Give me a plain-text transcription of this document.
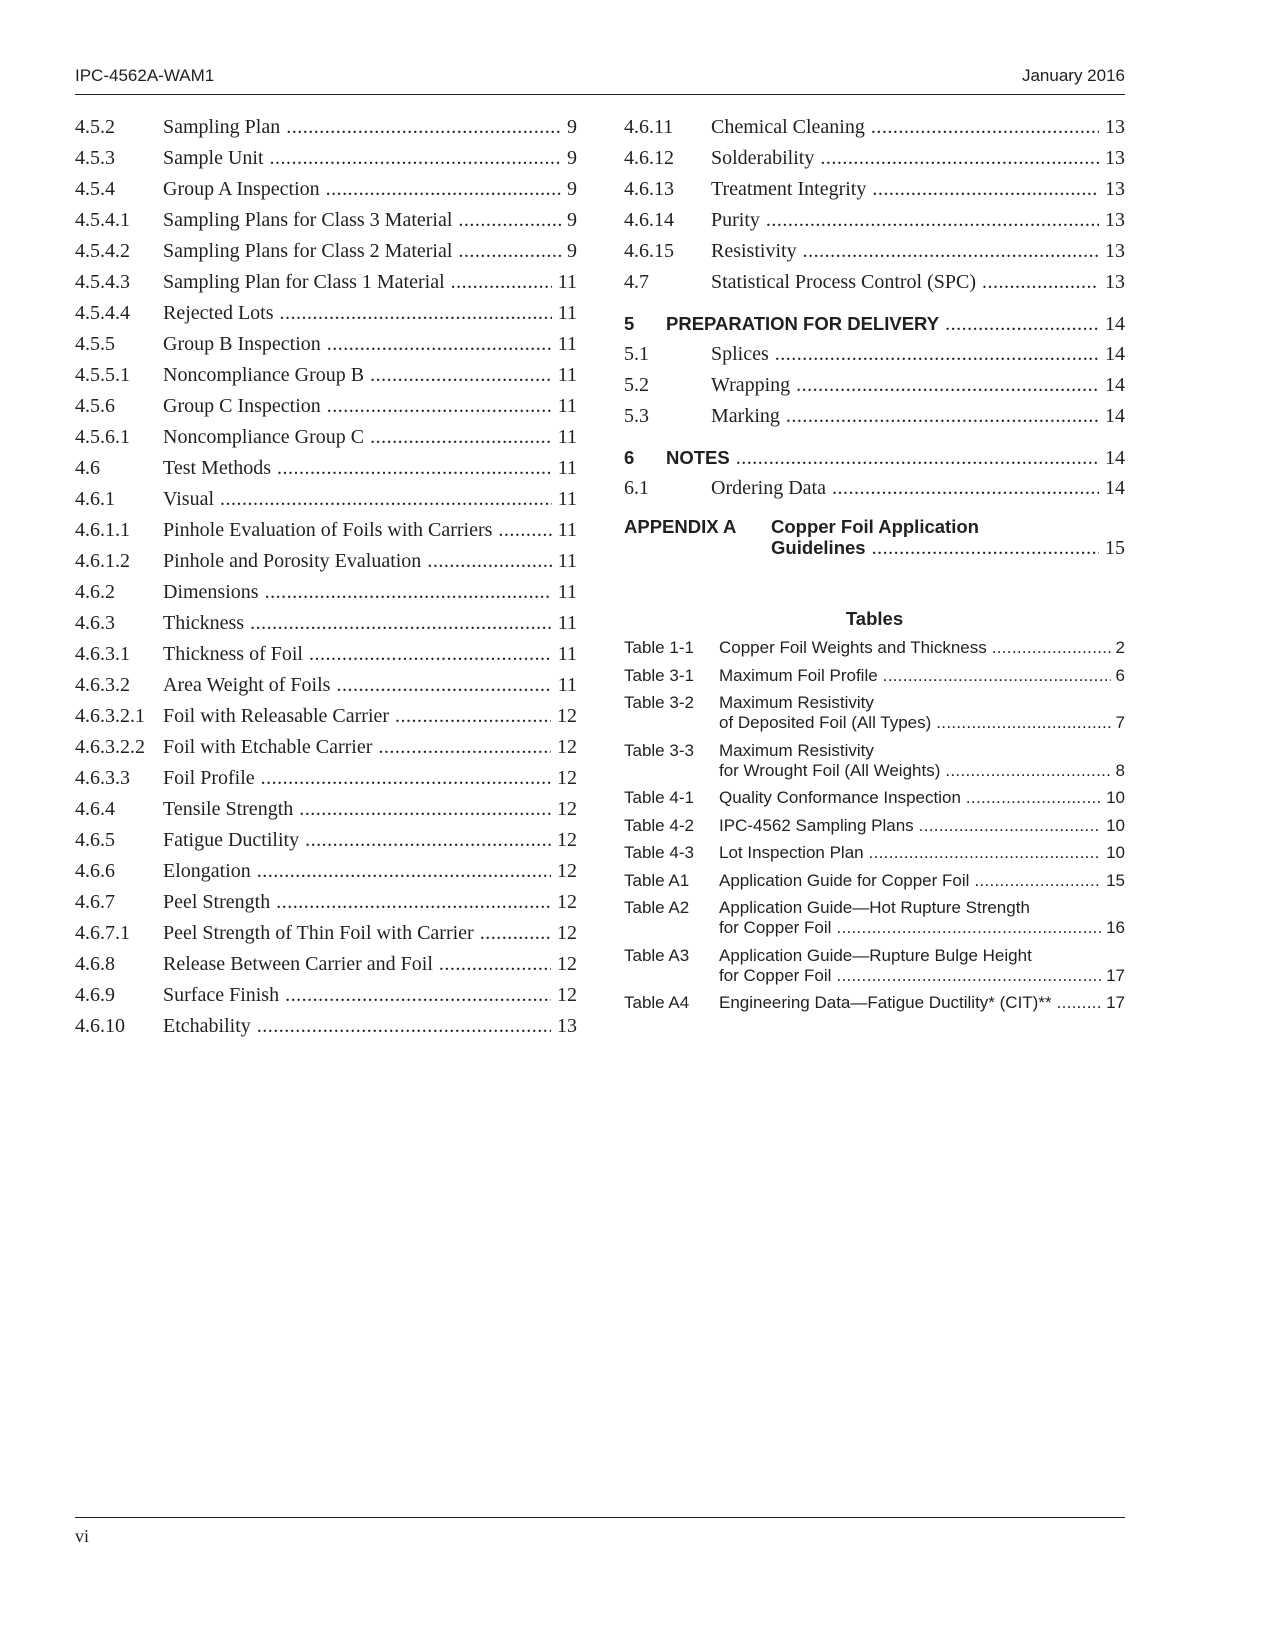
IPC-4562A-WAM1	January 2016
4.5.2	Sampling Plan .....	9
4.5.3	Sample Unit .....	9
4.5.4	Group A Inspection .....	9
4.5.4.1	Sampling Plans for Class 3 Material .....	9
4.5.4.2	Sampling Plans for Class 2 Material .....	9
4.5.4.3	Sampling Plan for Class 1 Material .....	11
4.5.4.4	Rejected Lots .....	11
4.5.5	Group B Inspection .....	11
4.5.5.1	Noncompliance Group B .....	11
4.5.6	Group C Inspection .....	11
4.5.6.1	Noncompliance Group C .....	11
4.6	Test Methods .....	11
4.6.1	Visual .....	11
4.6.1.1	Pinhole Evaluation of Foils with Carriers .....	11
4.6.1.2	Pinhole and Porosity Evaluation .....	11
4.6.2	Dimensions .....	11
4.6.3	Thickness .....	11
4.6.3.1	Thickness of Foil .....	11
4.6.3.2	Area Weight of Foils .....	11
4.6.3.2.1 Foil with Releasable Carrier .....	12
4.6.3.2.2 Foil with Etchable Carrier .....	12
4.6.3.3	Foil Profile .....	12
4.6.4	Tensile Strength .....	12
4.6.5	Fatigue Ductility .....	12
4.6.6	Elongation .....	12
4.6.7	Peel Strength .....	12
4.6.7.1	Peel Strength of Thin Foil with Carrier .....	12
4.6.8	Release Between Carrier and Foil .....	12
4.6.9	Surface Finish .....	12
4.6.10	Etchability .....	13
4.6.11	Chemical Cleaning .....	13
4.6.12	Solderability .....	13
4.6.13	Treatment Integrity .....	13
4.6.14	Purity .....	13
4.6.15	Resistivity .....	13
4.7	Statistical Process Control (SPC) .....	13
5	PREPARATION FOR DELIVERY .....	14
5.1	Splices .....	14
5.2	Wrapping .....	14
5.3	Marking .....	14
6	NOTES .....	14
6.1	Ordering Data .....	14
APPENDIX A Copper Foil Application
Guidelines .....	15
Tables
Table 1-1 Copper Foil Weights and Thickness .....	2
Table 3-1 Maximum Foil Profile .....	6
Table 3-2 Maximum Resistivity
of Deposited Foil (All Types) .....	7
Table 3-3 Maximum Resistivity
for Wrought Foil (All Weights) .....	8
Table 4-1 Quality Conformance Inspection .....	10
Table 4-2 IPC-4562 Sampling Plans .....	10
Table 4-3 Lot Inspection Plan .....	10
Table A1 Application Guide for Copper Foil .....	15
Table A2 Application Guide—Hot Rupture Strength
for Copper Foil .....	16
Table A3 Application Guide—Rupture Bulge Height
for Copper Foil .....	17
Table A4 Engineering Data—Fatigue Ductility* (CIT)** .....	17
vi
